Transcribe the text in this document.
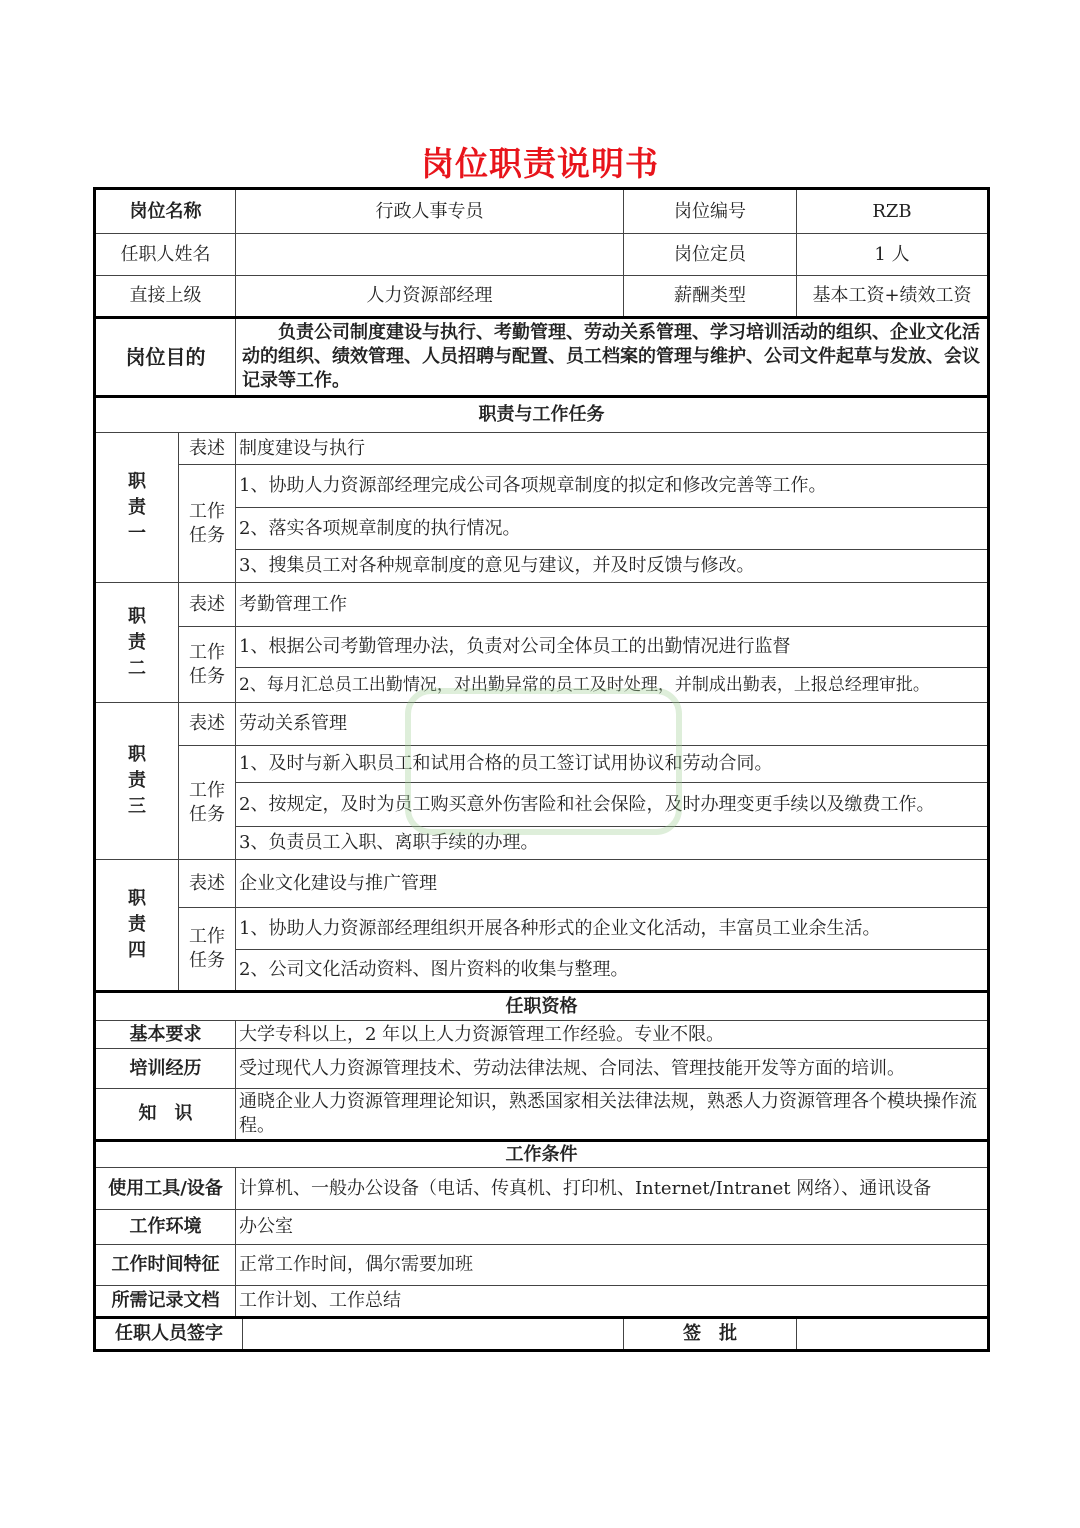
岗位职责说明书
岗位名称		行政人事专员		岗位编号	RZB
任职人姓名				岗位定员	1 人
直接上级		人力资源部经理		薪酬类型	基本工资+绩效工资
岗位目的		负责公司制度建设与执行、考勤管理、劳动关系管理、学习培训活动的组织、企业文化活动的组织、绩效管理、人员招聘与配置、员工档案的管理与维护、公司文件起草与发放、会议记录等工作。			
职责与工作任务					

职
责
一	表述	制度建设与执行			

	工作
任务	1、协助人力资源部经理完成公司各项规章制度的拟定和修改完善等工作。			
		2、落实各项规章制度的执行情况。			
		3、搜集员工对各种规章制度的意见与建议，并及时反馈与修改。			

职
责
二	表述	考勤管理工作			

	工作
任务	1、根据公司考勤管理办法，负责对公司全体员工的出勤情况进行监督			
		2、每月汇总员工出勤情况，对出勤异常的员工及时处理，并制成出勤表，上报总经理审批。			

职
责
三	表述	劳动关系管理			

	工作
任务	1、及时与新入职员工和试用合格的员工签订试用协议和劳动合同。			
		2、按规定，及时为员工购买意外伤害险和社会保险，及时办理变更手续以及缴费工作。			
		3、负责员工入职、离职手续的办理。			

职
责
四	表述	企业文化建设与推广管理			

	工作
任务	1、协助人力资源部经理组织开展各种形式的企业文化活动，丰富员工业余生活。			
		2、公司文化活动资料、图片资料的收集与整理。			
任职资格					
基本要求		大学专科以上，2 年以上人力资源管理工作经验。专业不限。			
培训经历		受过现代人力资源管理技术、劳动法律法规、合同法、管理技能开发等方面的培训。			
知　识		通晓企业人力资源管理理论知识，熟悉国家相关法律法规，熟悉人力资源管理各个模块操作流程。			
工作条件					
使用工具/设备		计算机、一般办公设备（电话、传真机、打印机、Internet/Intranet 网络）、通讯设备			
工作环境		办公室			
工作时间特征		正常工作时间，偶尔需要加班			
所需记录文档		工作计划、工作总结			
任职人员签字				签　批	
